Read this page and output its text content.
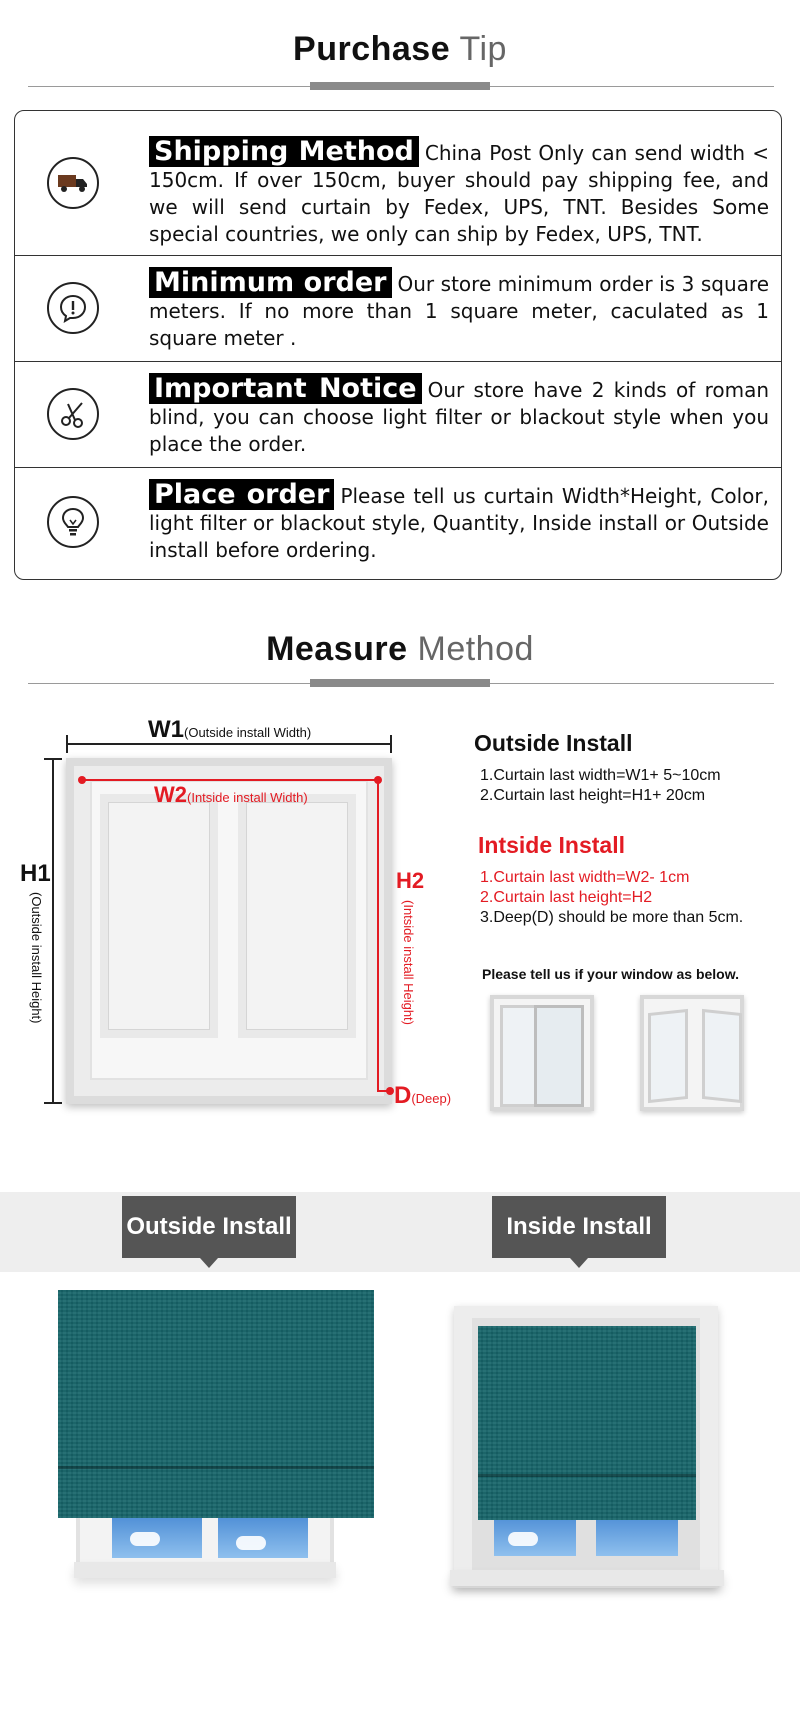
Purchase Tip
Shipping Method China Post Only can send width < 150cm. If over 150cm, buyer should pay shipping fee, and we will send curtain by Fedex, UPS, TNT. Besides Some special countries, we only can ship by Fedex, UPS, TNT.
Minimum order Our store minimum order is 3 square meters. If no more than 1 square meter, caculated as 1 square meter .
Important Notice Our store have 2 kinds of roman blind, you can choose light filter or blackout style when you place the order.
Place order Please tell us curtain Width*Height, Color, light filter or blackout style, Quantity, Inside install or Outside install before ordering.
Measure Method
W1(Outside install Width)
H1
(Outside install Height)
W2(Intside install Width)
H2
(Intside install Height)
D(Deep)
Outside Install
1.Curtain last width=W1+ 5~10cm
2.Curtain last height=H1+ 20cm
Intside Install
1.Curtain last width=W2- 1cm
2.Curtain last height=H2
3.Deep(D) should be more than 5cm.
Please tell us if your window as below.
Outside Install	Inside Install
